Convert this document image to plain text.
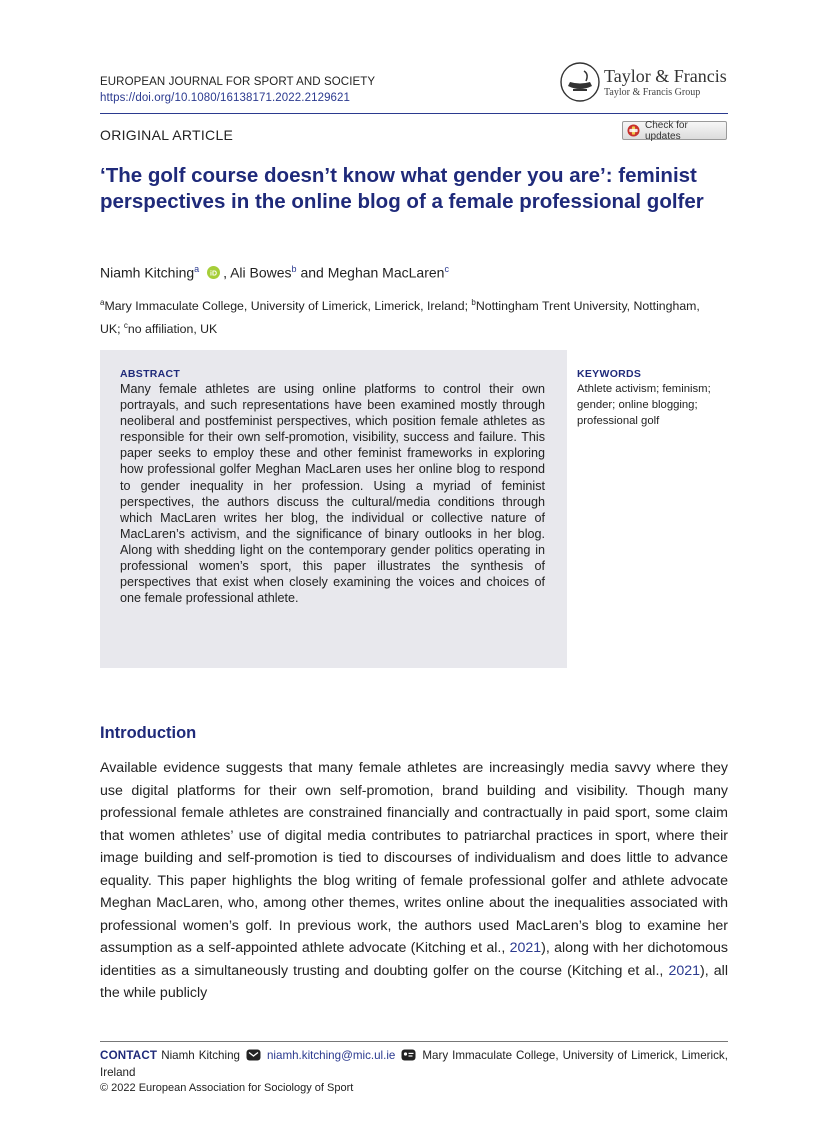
EUROPEAN JOURNAL FOR SPORT AND SOCIETY
https://doi.org/10.1080/16138171.2022.2129621
Taylor & Francis
Taylor & Francis Group
ORIGINAL ARTICLE
Check for updates
‘The golf course doesn’t know what gender you are’: feminist perspectives in the online blog of a female professional golfer
Niamh Kitching$^a$ iD , Ali Bowes$^b$ and Meghan MacLaren$^c$
$^a$Mary Immaculate College, University of Limerick, Limerick, Ireland; $^b$Nottingham Trent University, Nottingham, UK; $^c$no affiliation, UK
ABSTRACT
Many female athletes are using online platforms to control their own portrayals, and such representations have been examined mostly through neoliberal and postfeminist perspectives, which position female athletes as responsible for their own self-promotion, visibility, success and failure. This paper seeks to employ these and other feminist frameworks in exploring how professional golfer Meghan MacLaren uses her online blog to respond to gender inequality in her profession. Using a myriad of feminist perspectives, the authors discuss the cultural/media conditions through which MacLaren writes her blog, the individual or collective nature of MacLaren’s activism, and the significance of binary outlooks in her blog. Along with shedding light on the contemporary gender politics operating in professional women’s sport, this paper illustrates the synthesis of perspectives that exist when closely examining the voices and choices of one female professional athlete.
KEYWORDS
Athlete activism; feminism; gender; online blogging; professional golf
Introduction
Available evidence suggests that many female athletes are increasingly media savvy where they use digital platforms for their own self-promotion, brand building and visibility. Though many professional female athletes are constrained financially and contractually in paid sport, some claim that women athletes’ use of digital media contributes to patriarchal practices in sport, where their image building and self-promotion is tied to discourses of individualism and does little to advance equality. This paper highlights the blog writing of female professional golfer and athlete advocate Meghan MacLaren, who, among other themes, writes online about the inequalities associated with professional women’s golf. In previous work, the authors used MacLaren’s blog to examine her assumption as a self-appointed athlete advocate (Kitching et al., 2021), along with her dichotomous identities as a simultaneously trusting and doubting golfer on the course (Kitching et al., 2021), all the while publicly
CONTACT Niamh Kitching niamh.kitching@mic.ul.ie Mary Immaculate College, University of Limerick, Limerick, Ireland
© 2022 European Association for Sociology of Sport
